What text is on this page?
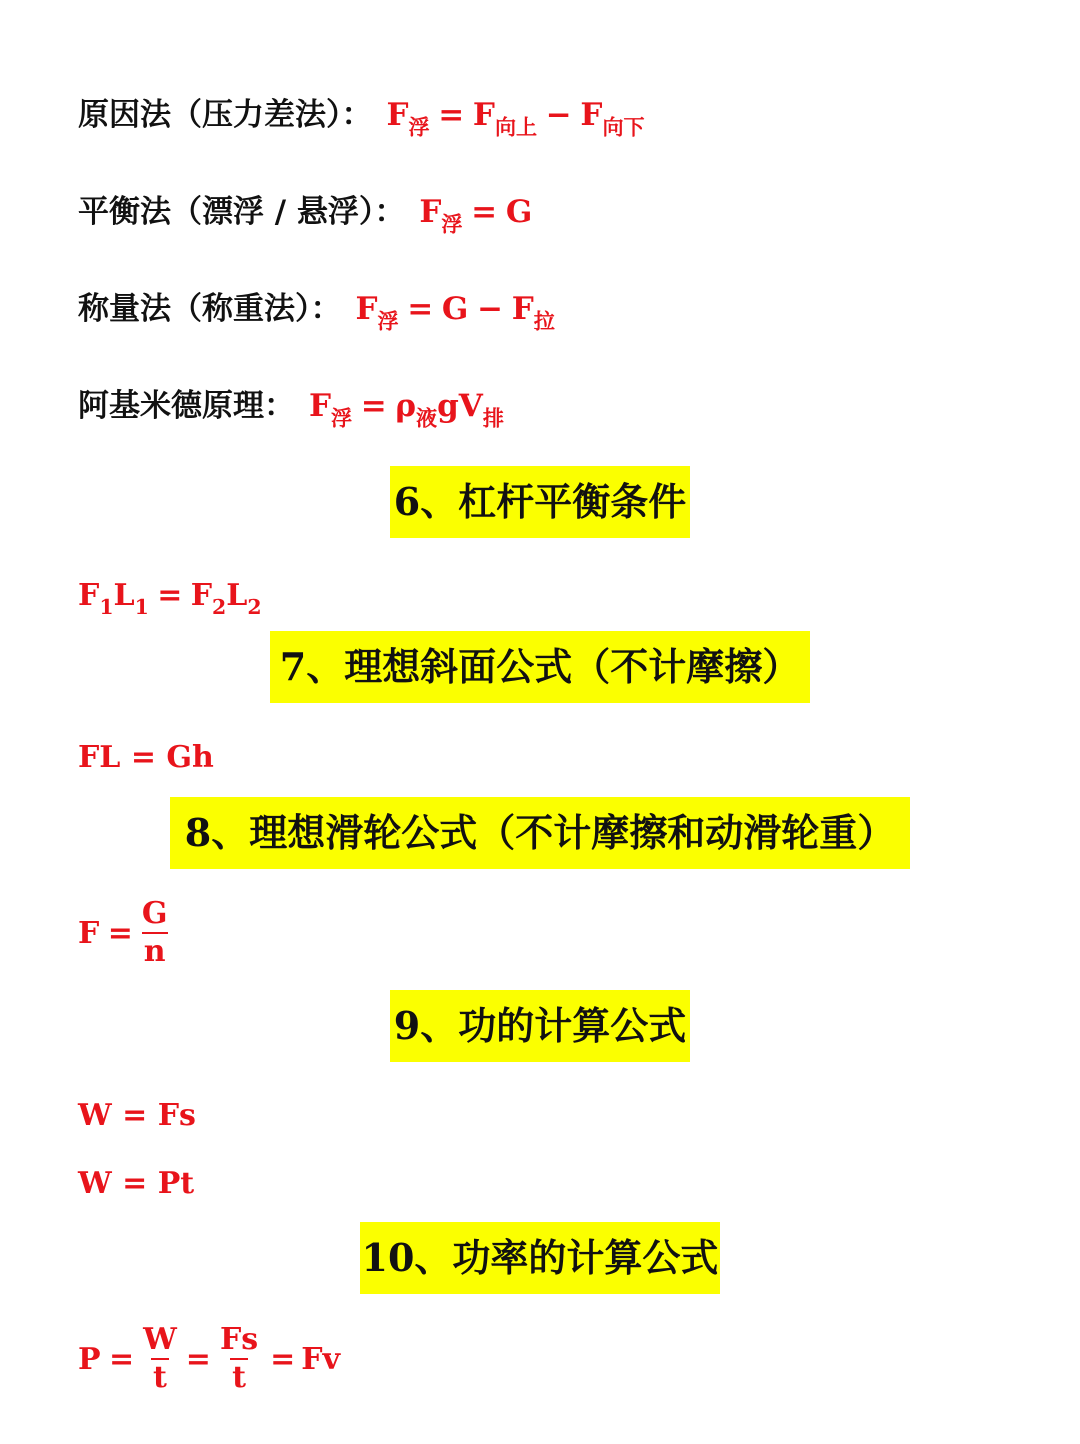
原因法（压力差法）： $F_浮 = F_{向上} - F_{向下}$
平衡法（漂浮 / 悬浮）： $F_浮 = G$
称量法（称重法）： $F_浮 = G - F_拉$
阿基米德原理： $F_浮 = \rho_液gV_排$
6、杠杆平衡条件
$F_1L_1 = F_2L_2$
7、理想斜面公式（不计摩擦）
FL = Gh
8、理想滑轮公式（不计摩擦和动滑轮重）
$F = \frac{G}{n}$
9、功的计算公式
W = Fs
W = Pt
10、功率的计算公式
$P = \frac{W}{t} = \frac{Fs}{t} = Fv$
